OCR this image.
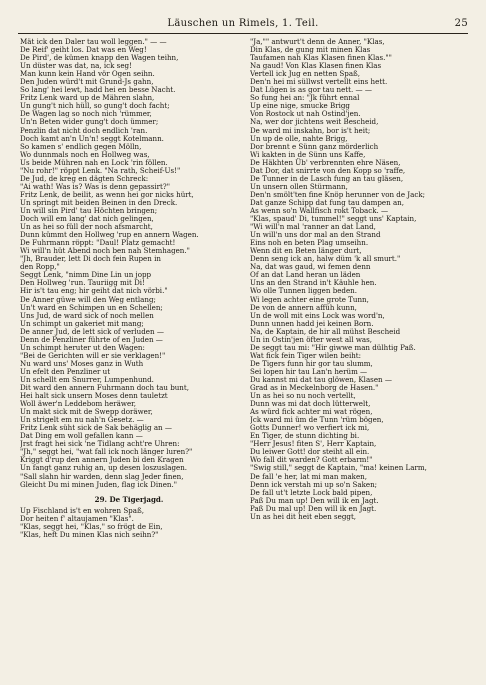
Läuschen un Rimels, 1. Teil.	25
Mät ick den Daler tau woll leggen." — —
De Reif' geiht los. Dat was en Weg!
De Pird', de kümen knapp den Wagen teihn,
Un düster was dat, na, ick seg!
Man kunn kein Hand vör Ogen seihn.
Den Juden würd't mit Grund-Js gahn,
So lang' hei lewt, hadd hei en besse Nacht.
Fritz Lenk ward up de Mähren slahn,
Un gung't nich hüll, so gung't doch facht;
De Wagen lag so noch nich 'rümmer,
Un'n Beten wider gung't doch ümmer;
Penzlin dat nicht doch endlich 'ran.
Doch kamt an'n Un'n! seggt Kotelmann.
So kamen s' endlich gegen Mölln,
Wo dunnmals noch en Hollweg was,
Us beide Mühren nah en Lock 'rin föllen.
"Nu rohr!" röppt Lenk. "Na rath, Scheif-Us!"
De Jud, de kreg en dägten Schreck:
"Ai wath! Was is? Was is denn gepassirt?"
Fritz Lenk, de beilit, as wenn hei gor nicks hürt,
Un springt mit beiden Beinen in den Dreck.
Un will sin Pird' tau Höchten bringen;
Doch will em lang' dat nich gelingen,
Un as hei so füll der noch afsmarcht,
Dunn kümmt den Hollweg 'rup en annern Wagen.
De Fuhrmann röppt: "Daul! Platz gemacht!
Wi will'n hüt Abend noch ben nah Stemhagen."
"Jh, Brauder, lett Di doch fein Rupen in
den Ropp,"
Seggt Lenk, "nimm Dine Lin un jopp
Den Hollweg 'run. Tauriigg mit Di!
Hir is't tau eng; hir geiht dat nich vörbi."
De Anner güwe will den Weg entlang;
Un't ward en Schimpen un en Schellen;
Uns Jud, de ward sick of noch mellen
Un schimpt un gakeriet mit mang;
De anner Jud, de lett sick of verluden —
Denn de Penzliner führte of en Juden —
Un schimpt heruter ut den Wagen:
"Bei de Gerichten will er sie verklagen!"
Nu ward uns' Moses ganz in Wuth
Un efelt den Penzliner ut
Un schellt em Snurrer, Lumpenhund.
Dit ward den annern Fuhrmann doch tau bunt,
Hei halt sick unsern Moses denn tauletzt
Woll äwer'n Leddebom heräwer,
Un makt sick mit de Swepp doräwer,
Un strigelt em nu nah'n Gesetz. —
Fritz Lenk süht sick de Sak behäglig an —
Dat Ding em woll gefallen kann —
Jrst fragt hei sick 'ne Tidlang acht're Uhren:
"Jh," seggt hei, "wat fall ick noch länger luren?"
Kriggt d'rup den annern Juden bi den Kragen
Un fangt ganz ruhig an, up desen loszuslagen.
"Sall slahn hir warden, denn slag Jeder finen,
Gleicht Du mi minen Juden, flag ick Dinen."
29. De Tigerjagd.
Up Fischland is't en wohren Spaß,
Dor heiten f' altaujamen "Klas".
"Klas, seggt hei, "Klas," so frögt de Ein,
"Klas, heft Du minen Klas nich seihn?"
"Ja,"" antwurt't denn de Anner, "Klas,
Din Klas, de gung mit minen Klas
Taufamen nah Klas Klasen finen Klas.""
Na gaud! Von Klas Klasen finen Klas
Vertell ick Jug en netten Spaß,
Den'n hei mi süllwst vertellt eins hett.
Dat Lügen is as gor tau nett. — —
So fung hei an: "Jk führt ennal
Up eine nige, smucke Brigg
Von Rostock ut nah Ostind'jen.
Na, wer dor jichtens weit Bescheid,
De ward mi inskahn, bor is't heit;
Un up de olle, nahte Brigg,
Dor brennt e Sünn ganz mörderlich
Wi kakten in de Sünn uns Kaffe,
De Häkhten Üb' verbrennten ehre Näsen,
Dat Dor, dat snirrte von den Kopp so 'raffe,
De Tunner in de Lasch fung an tau gläsen,
Un unsern ollen Stürmann,
Den'n smölt'ten fine Knöp herunner von de Jack;
Dat ganze Schipp dat fung tau dampen an,
As wenn so'n Wallfisch rokt Toback. —
"Klas, spaud' Di, tummel!" seggt uns' Kaptain,
"Wi will'n mal 'ranner an dat Land,
Un will'n uns dor mal an den Strand
Eins noh en beten Plag umseihn.
Wenn dit en Beten länger durt,
Denn seng ick an, halw düm 'k all smurt."
Na, dat was gaud, wi femen denn
Of an dat Land heran un läden
Uns an den Strand in't Käuhle hen.
Wo olle Tunnen liggen beden.
Wi legen achter eine grote Tunn,
De von de annern affüh kunn,
Un de woll mit eins Lock was word'n,
Dunn unnen hadd jei keinen Born.
Na, de Kaptain, de hir all mühst Bescheid
Un in Ostin'jen öfter west all was,
De seggt tau mi: "Hir giwwe man dülhtig Paß.
Wat fick fein Tiger wilen beiht:
De Tigers funn hir gor tau slumm,
Sei lopen hir tau Lan'n herüm —
Du kannst mi dat tau glöwen, Klasen —
Grad as in Meckelnborg de Hasen."
Un as hei so nu noch vertellt,
Dunn was mi dat doch lütterwelt,
As würd fick achter mi wat rögen,
Jck ward mi üm de Tunn 'rüm bögen,
Gotts Dunner! wo verfiert ick mi,
En Tiger, de stunn dichting bi.
"Herr Jesus! fiten S', Herr Kaptain,
Du leiwer Gott! dor steiht all ein.
Wo fall dit warden? Gott erbarm!"
"Swig still," seggt de Kaptain, "ma! keinen Larm,
De fall 'e her, lat mi man maken,
Denn ick verstah mi up so'n Saken;
De fall ut't letzte Lock bald pipen,
Paß Du man up! Den will ik en Jagt.
Paß Du mal up! Den will ik en Jagt.
Un as hei dit heit eben seggt,
